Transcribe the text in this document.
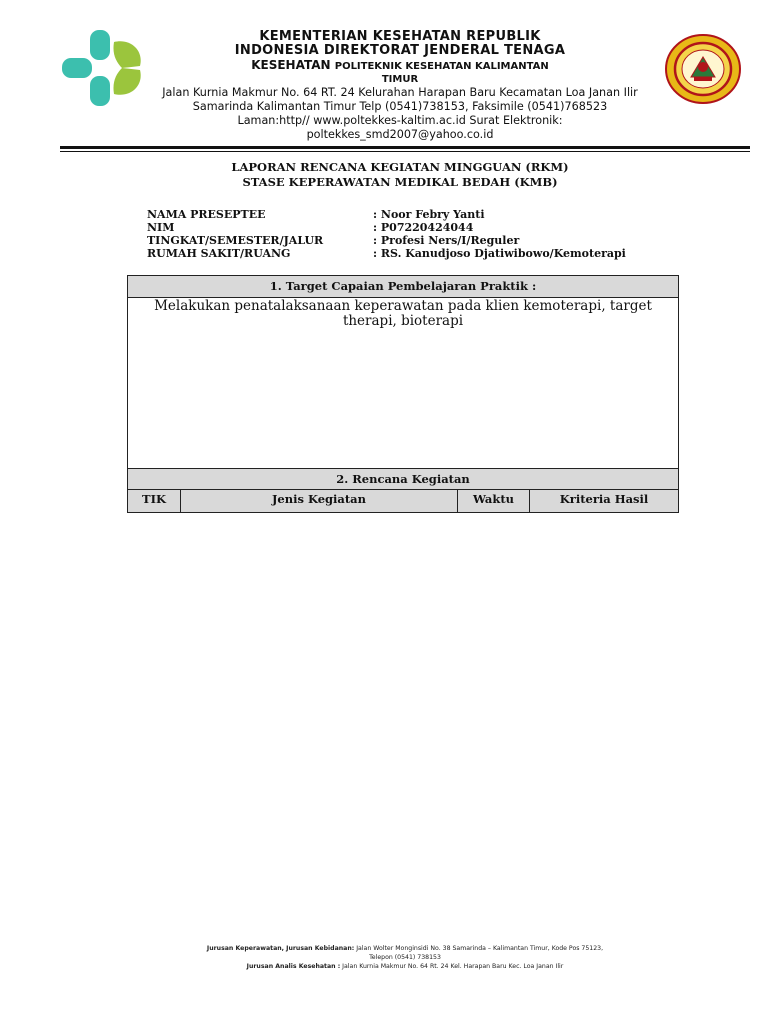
KEMENTERIAN KESEHATAN REPUBLIK
INDONESIA DIREKTORAT JENDERAL TENAGA
KESEHATAN POLITEKNIK KESEHATAN KALIMANTAN
TIMUR
Jalan Kurnia Makmur No. 64 RT. 24 Kelurahan Harapan Baru Kecamatan Loa Janan Ilir Samarinda Kalimantan Timur Telp (0541)738153, Faksimile (0541)768523
Laman:http// www.poltekkes-kaltim.ac.id Surat Elektronik:
poltekkes_smd2007@yahoo.co.id
LAPORAN RENCANA KEGIATAN MINGGUAN (RKM)
STASE KEPERAWATAN MEDIKAL BEDAH (KMB)
NAMA PRESEPTEE	: Noor Febry Yanti
NIM	: P07220424044
TINGKAT/SEMESTER/JALUR	: Profesi Ners/I/Reguler
RUMAH SAKIT/RUANG	: RS. Kanudjoso Djatiwibowo/Kemoterapi
1. Target Capaian Pembelajaran Praktik :
Melakukan penatalaksanaan keperawatan pada klien kemoterapi, target therapi, bioterapi
2. Rencana Kegiatan
TIK	Jenis Kegiatan	Waktu	Kriteria Hasil
Jurusan Keperawatan, Jurusan Kebidanan: Jalan Wolter Monginsidi No. 38 Samarinda – Kalimantan Timur, Kode Pos 75123,
Telepon (0541) 738153
Jurusan Analis Kesehatan : Jalan Kurnia Makmur No. 64 Rt. 24 Kel. Harapan Baru Kec. Loa Janan Ilir
